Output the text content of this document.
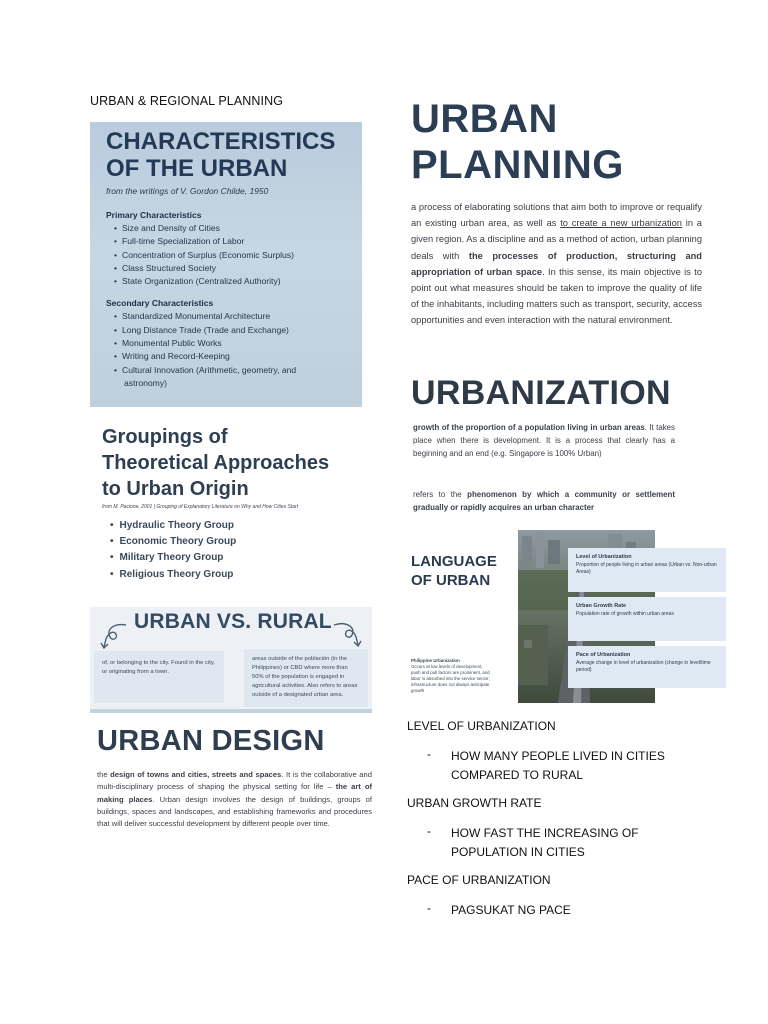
URBAN & REGIONAL PLANNING
CHARACTERISTICS
OF THE URBAN
from the writings of V. Gordon Childe, 1950
Primary Characteristics
• Size and Density of Cities
• Full-time Specialization of Labor
• Concentration of Surplus (Economic Surplus)
• Class Structured Society
• State Organization (Centralized Authority)
Secondary Characteristics
• Standardized Monumental Architecture
• Long Distance Trade (Trade and Exchange)
• Monumental Public Works
• Writing and Record-Keeping
• Cultural Innovation (Arithmetic, geometry, and
astronomy)
Groupings of
Theoretical Approaches
to Urban Origin
from M. Pacione, 2001 | Grouping of Explanatory Literature on Why and How Cities Start
• Hydraulic Theory Group
• Economic Theory Group
• Military Theory Group
• Religious Theory Group
URBAN VS. RURAL
of, or belonging to the city. Found in the city, or originating from a town.
areas outside of the población (in the Philippines) or CBD where more than 50% of the population is engaged in agricultural activities. Also refers to areas outside of a designated urban area.
URBAN DESIGN
the design of towns and cities, streets and spaces. It is the collaborative and multi-disciplinary process of shaping the physical setting for life – the art of making places. Urban design involves the design of buildings, groups of buildings, spaces and landscapes, and establishing frameworks and procedures that will deliver successful development by different people over time.
URBAN
PLANNING
a process of elaborating solutions that aim both to improve or requalify an existing urban area, as well as to create a new urbanization in a given region. As a discipline and as a method of action, urban planning deals with the processes of production, structuring and appropriation of urban space. In this sense, its main objective is to point out what measures should be taken to improve the quality of life of the inhabitants, including matters such as transport, security, access opportunities and even interaction with the natural environment.
URBANIZATION
growth of the proportion of a population living in urban areas. It takes place when there is development. It is a process that clearly has a beginning and an end (e.g. Singapore is 100% Urban)
refers to the phenomenon by which a community or settlement gradually or rapidly acquires an urban character
LANGUAGE
OF URBAN
Level of Urbanization
Proportion of people living in urban areas (Urban vs. Non-urban Areas)
Urban Growth Rate
Population rate of growth within urban areas
Pace of Urbanization
Average change in level of urbanization (change in level/time period)
Philippine Urbanization
Occurs at low levels of development, push and pull factors are prominent, and labor is absorbed into the service sector; infrastructure does not always anticipate growth
LEVEL OF URBANIZATION
-	HOW MANY PEOPLE LIVED IN CITIES COMPARED TO RURAL
URBAN GROWTH RATE
-	HOW FAST THE INCREASING OF POPULATION IN CITIES
PACE OF URBANIZATION
-	PAGSUKAT NG PACE
